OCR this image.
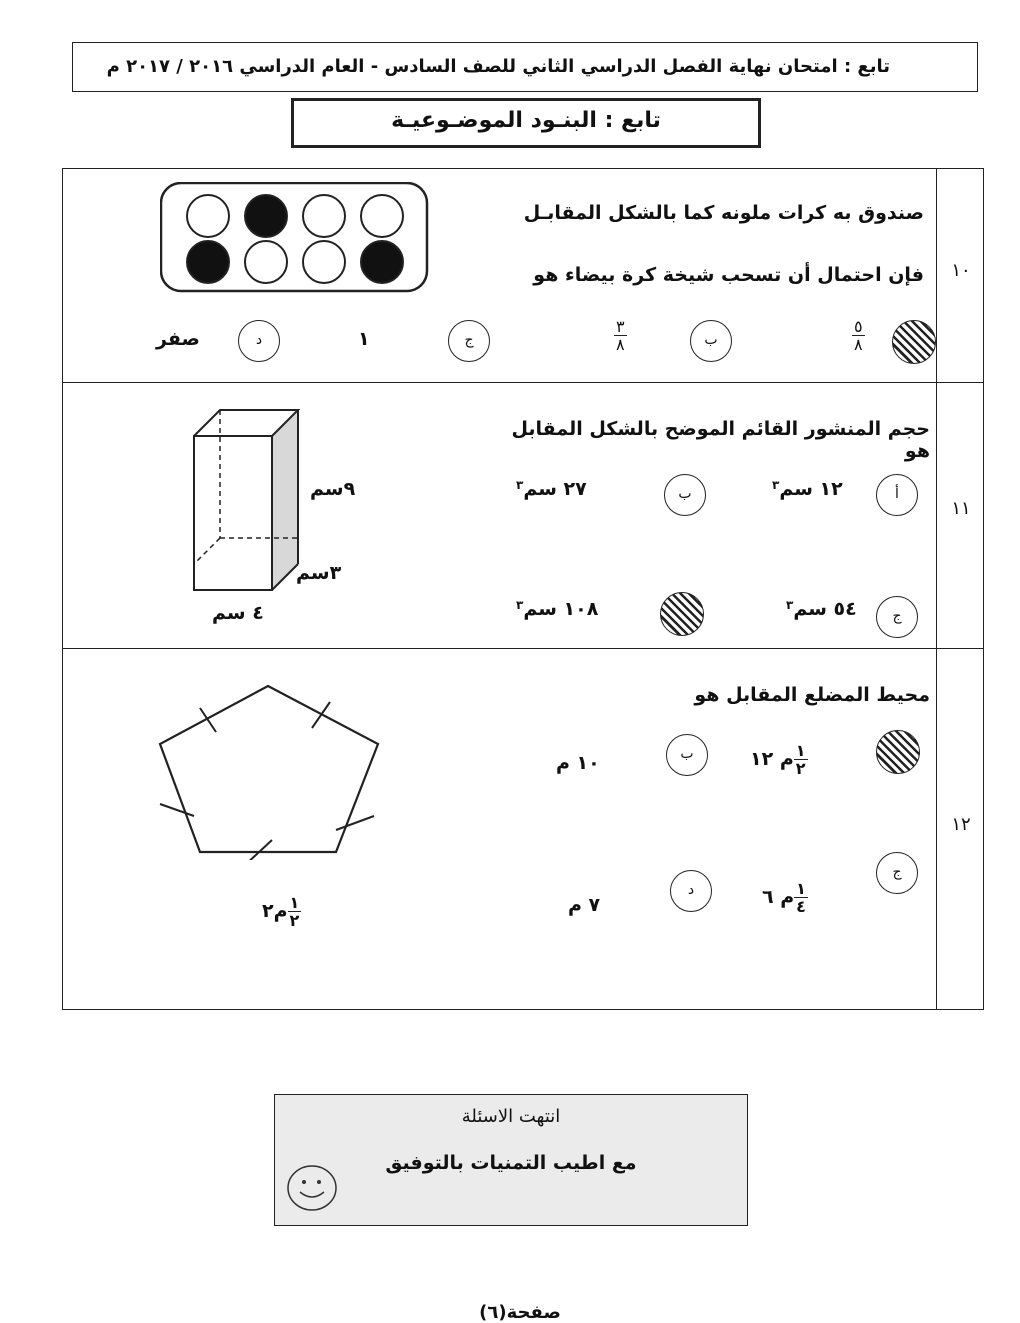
تابع : امتحان نهاية الفصل الدراسي الثاني للصف السادس - العام الدراسي ٢٠١٦ / ٢٠١٧ م
تابع : البنـود الموضـوعيـة
١٠
صندوق به كرات ملونه كما بالشكل المقابـل
فإن احتمال أن تسحب شيخة كرة بيضاء هو
$\frac{٥}{٨}$
ب
$\frac{٣}{٨}$
ج
١
د
صفر
١١
حجم المنشور القائم الموضح بالشكل المقابل هو
٩سم
٣سم
٤ سم
أ
١٢ سم$^٣$
ب
٢٧ سم$^٣$
ج
٥٤ سم$^٣$
١٠٨ سم$^٣$
١٢
محيط المضلع المقابل هو
م٢ $\frac{١}{٢}$
م ١٢ $\frac{١}{٢}$
ب
١٠ م
ج
م ٦ $\frac{١}{٤}$
د
٧ م
انتهت الاسئلة
مع اطيب التمنيات بالتوفيق
صفحة(٦)
